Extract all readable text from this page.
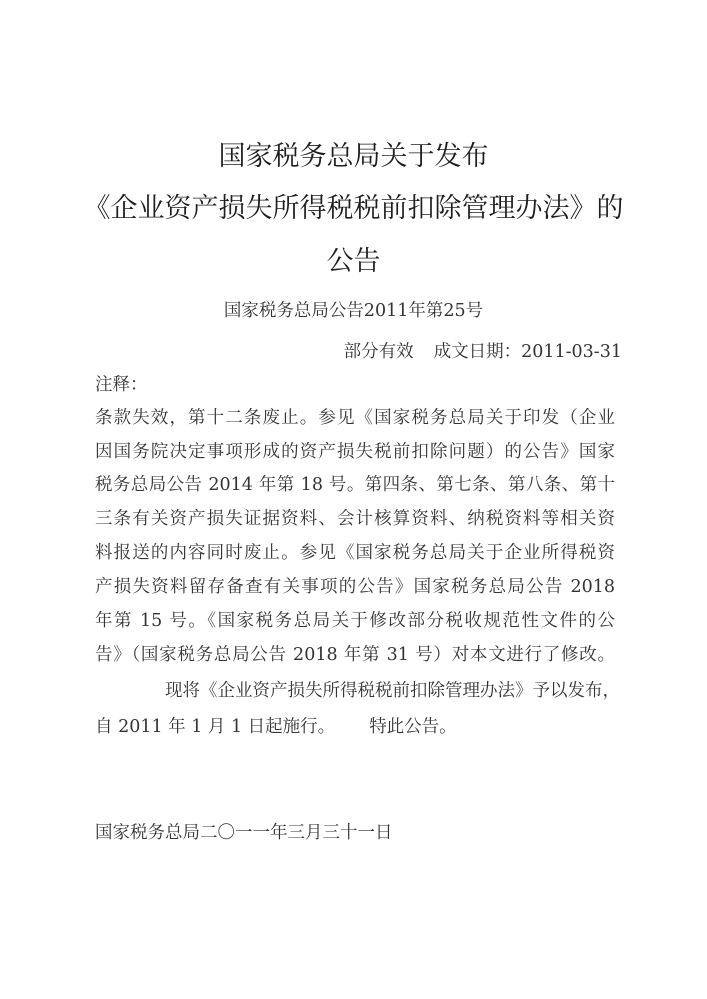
国家税务总局关于发布
《企业资产损失所得税税前扣除管理办法》的
公告
国家税务总局公告2011年第25号
部分有效 成文日期：2011-03-31
注释：
条款失效，第十二条废止。参见《国家税务总局关于印发（企业
因国务院决定事项形成的资产损失税前扣除问题）的公告》国家
税务总局公告 2014 年第 18 号。第四条、第七条、第八条、第十
三条有关资产损失证据资料、会计核算资料、纳税资料等相关资
料报送的内容同时废止。参见《国家税务总局关于企业所得税资
产损失资料留存备查有关事项的公告》国家税务总局公告 2018
年第 15 号。《国家税务总局关于修改部分税收规范性文件的公
告》（国家税务总局公告 2018 年第 31 号）对本文进行了修改。
现将《企业资产损失所得税税前扣除管理办法》予以发布，
自 2011 年 1 月 1 日起施行。 特此公告。
国家税务总局二〇一一年三月三十一日
